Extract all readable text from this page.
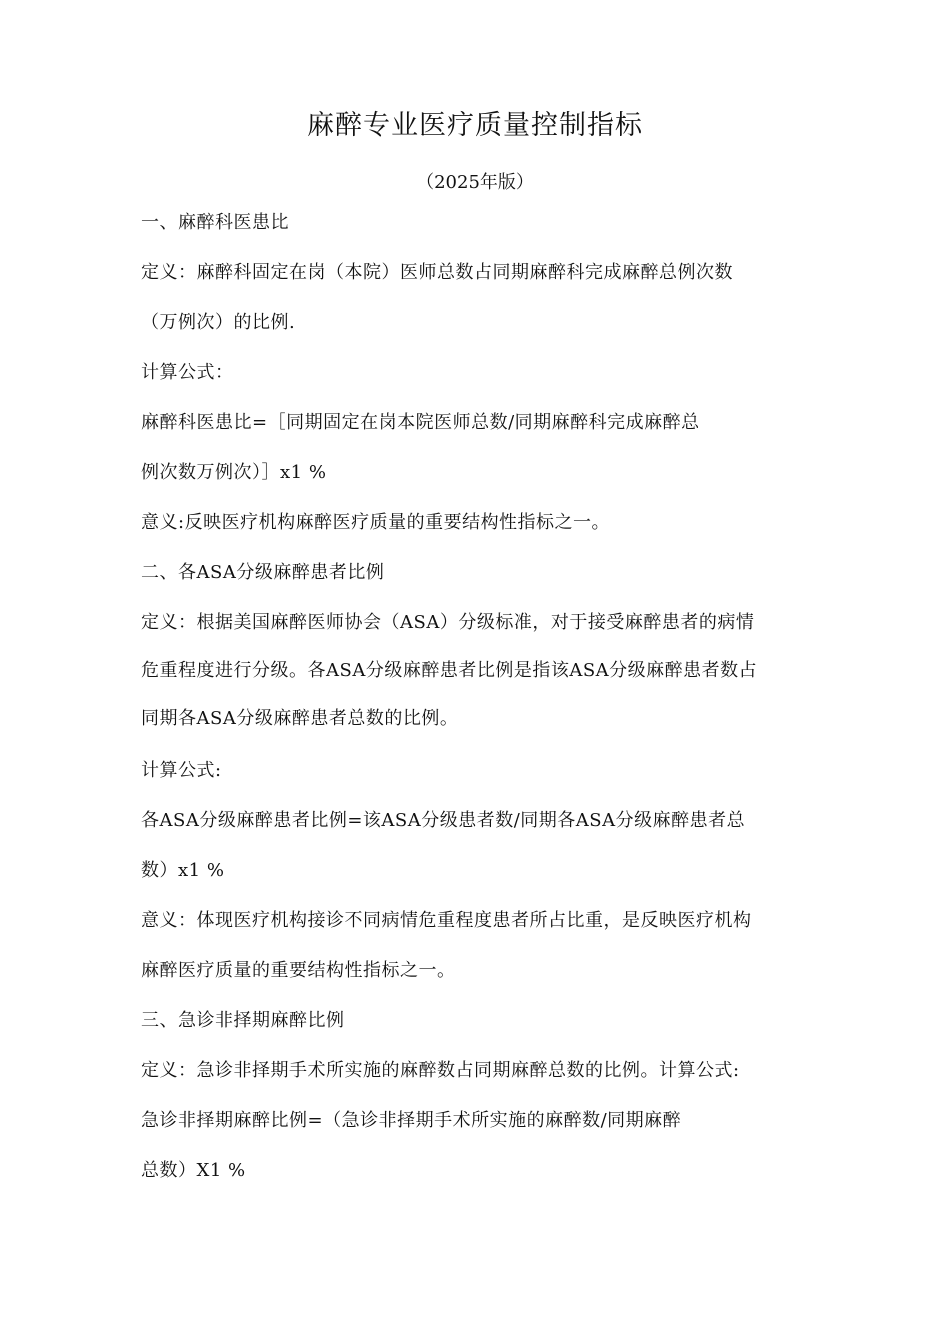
麻醉专业医疗质量控制指标
（2025年版）
一、麻醉科医患比
定义：麻醉科固定在岗（本院）医师总数占同期麻醉科完成麻醉总例次数
（万例次）的比例.
计算公式：
麻醉科医患比=［同期固定在岗本院医师总数/同期麻醉科完成麻醉总
例次数万例次）］x1 %
意义:反映医疗机构麻醉医疗质量的重要结构性指标之一。
二、各ASA分级麻醉患者比例
定义：根据美国麻醉医师协会（ASA）分级标准，对于接受麻醉患者的病情
危重程度进行分级。各ASA分级麻醉患者比例是指该ASA分级麻醉患者数占
同期各ASA分级麻醉患者总数的比例。
计算公式:
各ASA分级麻醉患者比例=该ASA分级患者数/同期各ASA分级麻醉患者总
数）x1 %
意义：体现医疗机构接诊不同病情危重程度患者所占比重，是反映医疗机构
麻醉医疗质量的重要结构性指标之一。
三、急诊非择期麻醉比例
定义：急诊非择期手术所实施的麻醉数占同期麻醉总数的比例。计算公式:
急诊非择期麻醉比例=（急诊非择期手术所实施的麻醉数/同期麻醉
总数）X1 %
